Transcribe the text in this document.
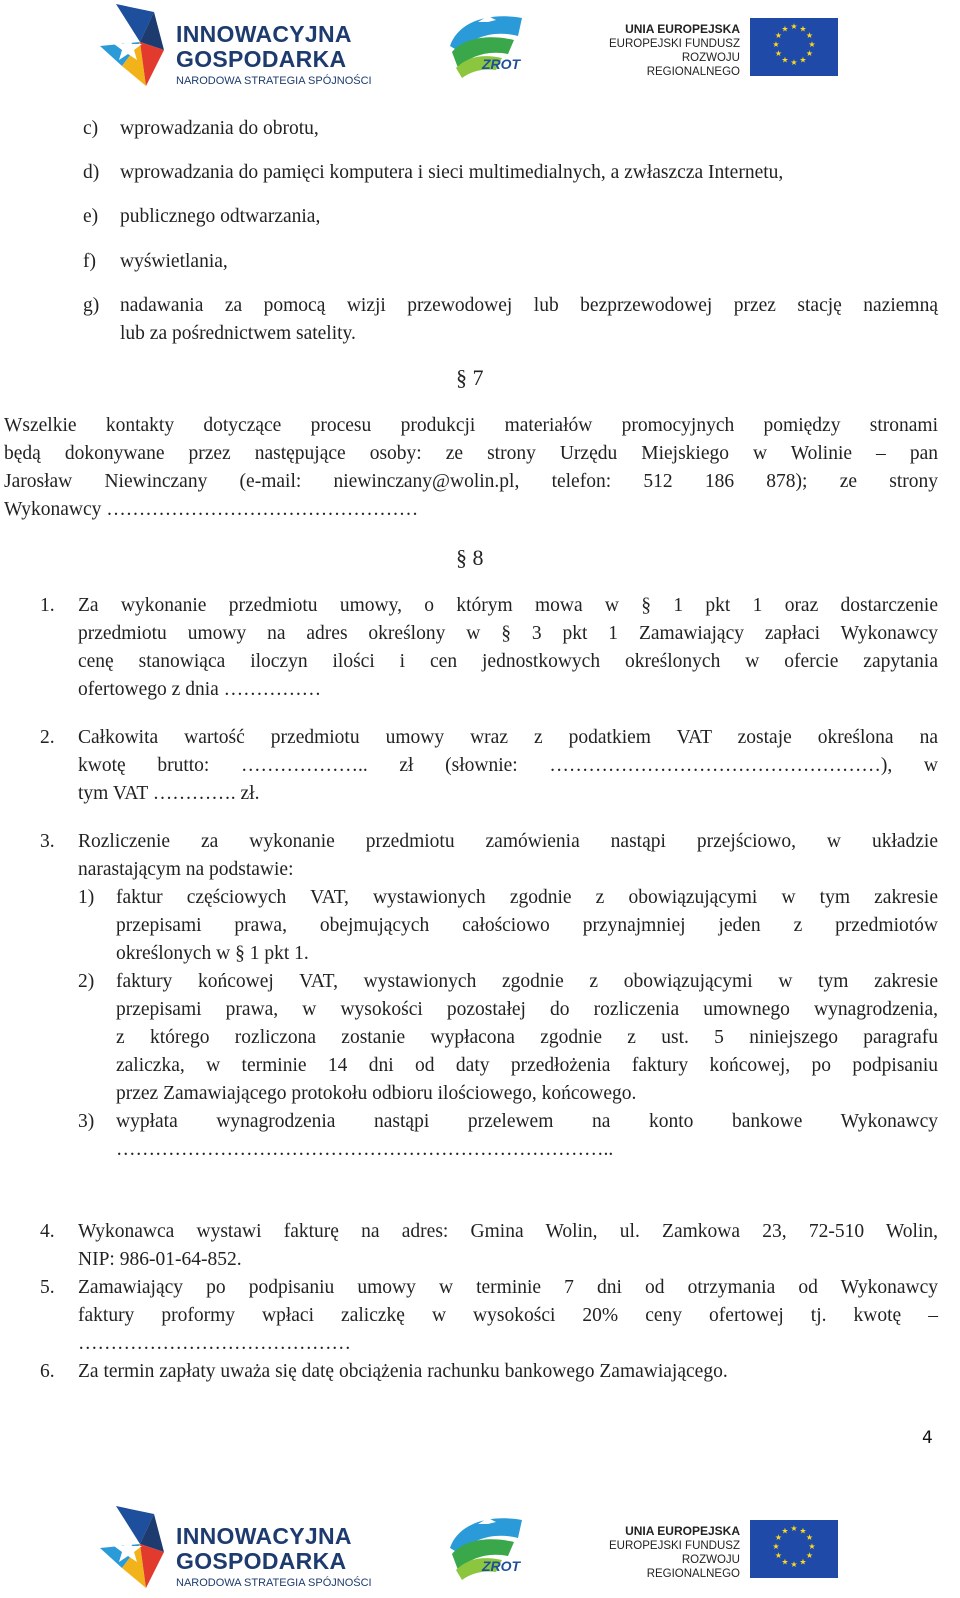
INNOWACYJNA
GOSPODARKA
NARODOWA STRATEGIA SPÓJNOŚCI
ZROT
UNIA EUROPEJSKA
EUROPEJSKI FUNDUSZ
ROZWOJU REGIONALNEGO
★ ★
★
★
★
★
★
★
★
★
★
★

c) wprowadzania do obrotu,

d) wprowadzania do pamięci komputera i sieci multimedialnych, a zwłaszcza Internetu,

e) publicznego odtwarzania,

f) wyświetlania,

g) nadawania za pomocą wizji przewodowej lub bezprzewodowej przez stację naziemną

lub za pośrednictwem satelity.

§ 7

Wszelkie kontakty dotyczące procesu produkcji materiałów promocyjnych pomiędzy stronami

będą dokonywane przez następujące osoby: ze strony Urzędu Miejskiego w Wolinie – pan

Jarosław Niewinczany (e-mail: niewinczany@wolin.pl, telefon: 512 186 878); ze strony

Wykonawcy …………………………………………

§ 8

1. Za wykonanie przedmiotu umowy, o którym mowa w § 1 pkt 1 oraz dostarczenie

przedmiotu umowy na adres określony w § 3 pkt 1 Zamawiający zapłaci Wykonawcy

cenę stanowiąca iloczyn ilości i cen jednostkowych określonych w ofercie zapytania

ofertowego z dnia ……………

2. Całkowita wartość przedmiotu umowy wraz z podatkiem VAT zostaje określona na

kwotę brutto: ……………….. zł (słownie: ……………………………………………), w

tym VAT …………. zł.

3. Rozliczenie za wykonanie przedmiotu zamówienia nastąpi przejściowo, w układzie

narastającym na podstawie:

1) faktur częściowych VAT, wystawionych zgodnie z obowiązującymi w tym zakresie

przepisami prawa, obejmujących całościowo przynajmniej jeden z przedmiotów

określonych w § 1 pkt 1.

2) faktury końcowej VAT, wystawionych zgodnie z obowiązującymi w tym zakresie

przepisami prawa, w wysokości pozostałej do rozliczenia umownego wynagrodzenia,

z którego rozliczona zostanie wypłacona zgodnie z ust. 5 niniejszego paragrafu

zaliczka, w terminie 14 dni od daty przedłożenia faktury końcowej, po podpisaniu

przez Zamawiającego protokołu odbioru ilościowego, końcowego.

3) wypłata wynagrodzenia nastąpi przelewem na konto bankowe Wykonawcy

…………………………………………………………………..

4. Wykonawca wystawi fakturę na adres: Gmina Wolin, ul. Zamkowa 23, 72-510 Wolin,

NIP: 986-01-64-852.

5. Zamawiający po podpisaniu umowy w terminie 7 dni od otrzymania od Wykonawcy

faktury proformy wpłaci zaliczkę w wysokości 20% ceny ofertowej tj. kwotę –

……………………………………

6. Za termin zapłaty uważa się datę obciążenia rachunku bankowego Zamawiającego.

4
INNOWACYJNA
GOSPODARKA
NARODOWA STRATEGIA SPÓJNOŚCI
ZROT
UNIA EUROPEJSKA
EUROPEJSKI FUNDUSZ
ROZWOJU REGIONALNEGO
★ ★
★
★
★
★
★
★
★
★
★
★
